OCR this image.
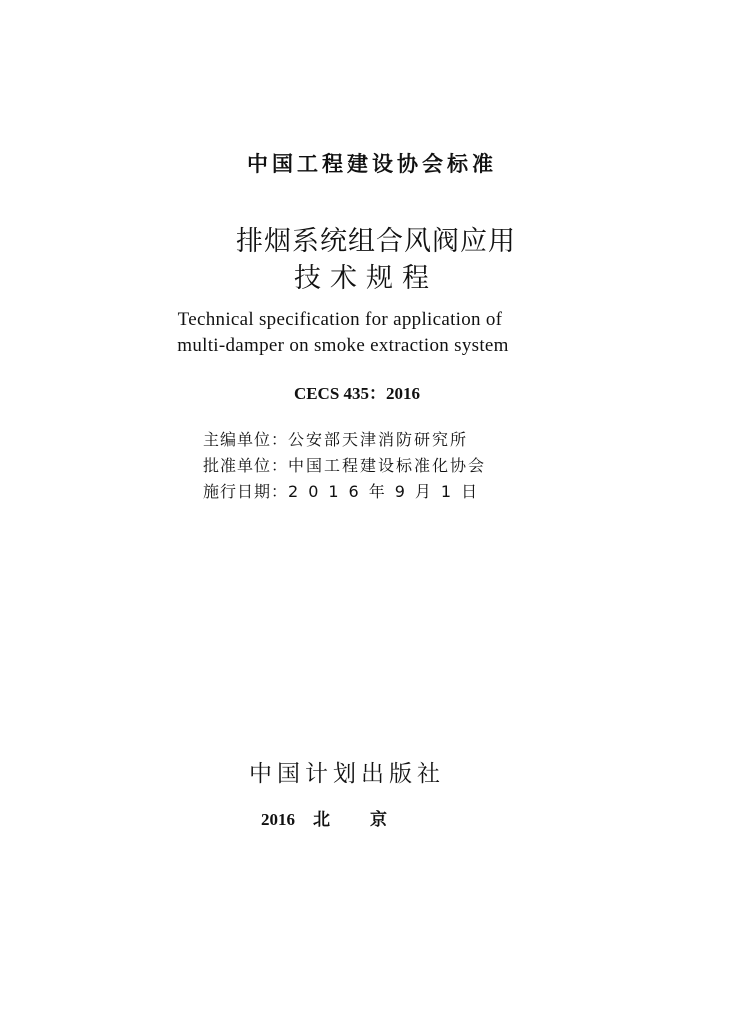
中国工程建设协会标准
排烟系统组合风阀应用
技术规程
Technical specification for application of
multi-damper on smoke extraction system
CECS 435：2016
主编单位：公安部天津消防研究所
批准单位：中国工程建设标准化协会
施行日期：2016年9月1日
中国计划出版社
2016 北京
